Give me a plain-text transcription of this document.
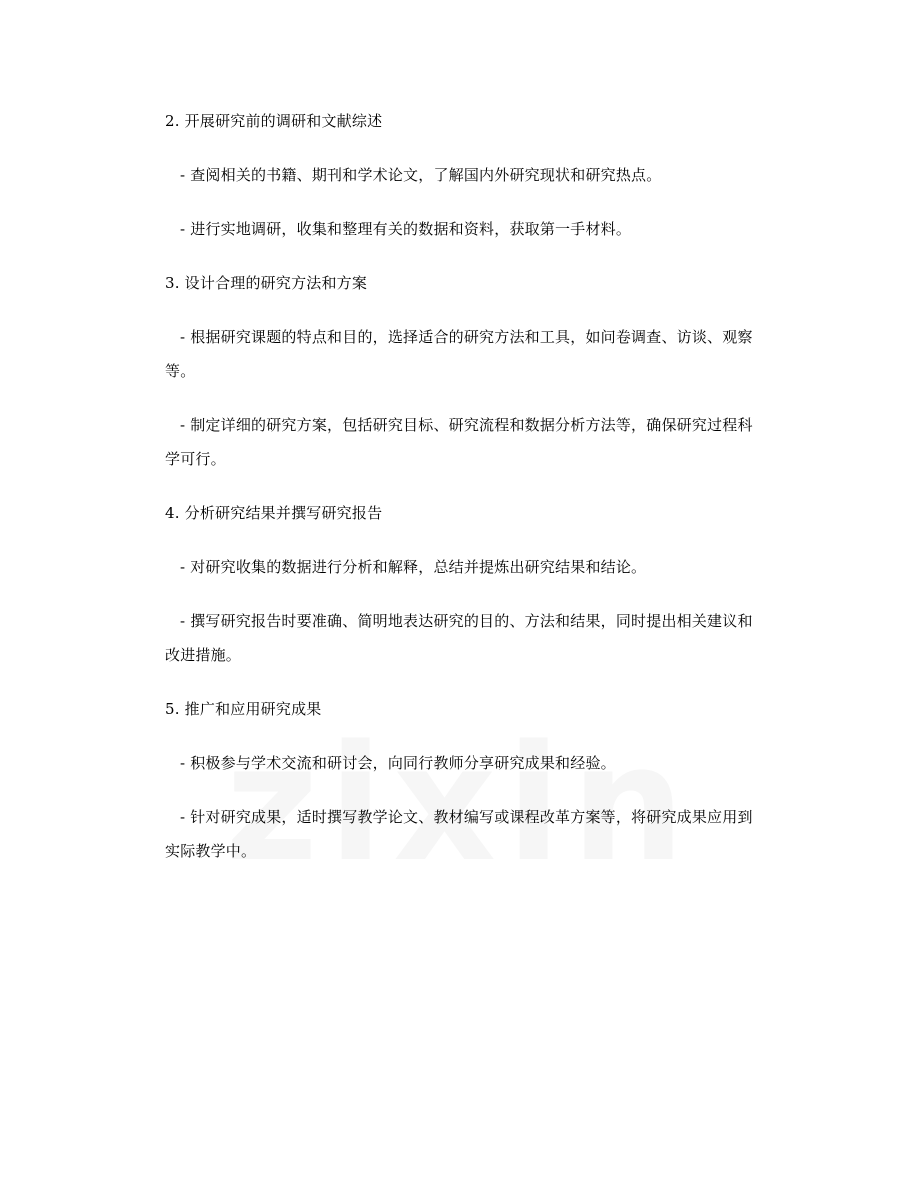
2. 开展研究前的调研和文献综述

- 查阅相关的书籍、期刊和学术论文，了解国内外研究现状和研究热点。

- 进行实地调研，收集和整理有关的数据和资料，获取第一手材料。

3. 设计合理的研究方法和方案

- 根据研究课题的特点和目的，选择适合的研究方法和工具，如问卷调查、访谈、观察等。

- 制定详细的研究方案，包括研究目标、研究流程和数据分析方法等，确保研究过程科学可行。

4. 分析研究结果并撰写研究报告

- 对研究收集的数据进行分析和解释，总结并提炼出研究结果和结论。

- 撰写研究报告时要准确、简明地表达研究的目的、方法和结果，同时提出相关建议和改进措施。

5. 推广和应用研究成果

- 积极参与学术交流和研讨会，向同行教师分享研究成果和经验。

- 针对研究成果，适时撰写教学论文、教材编写或课程改革方案等，将研究成果应用到实际教学中。
